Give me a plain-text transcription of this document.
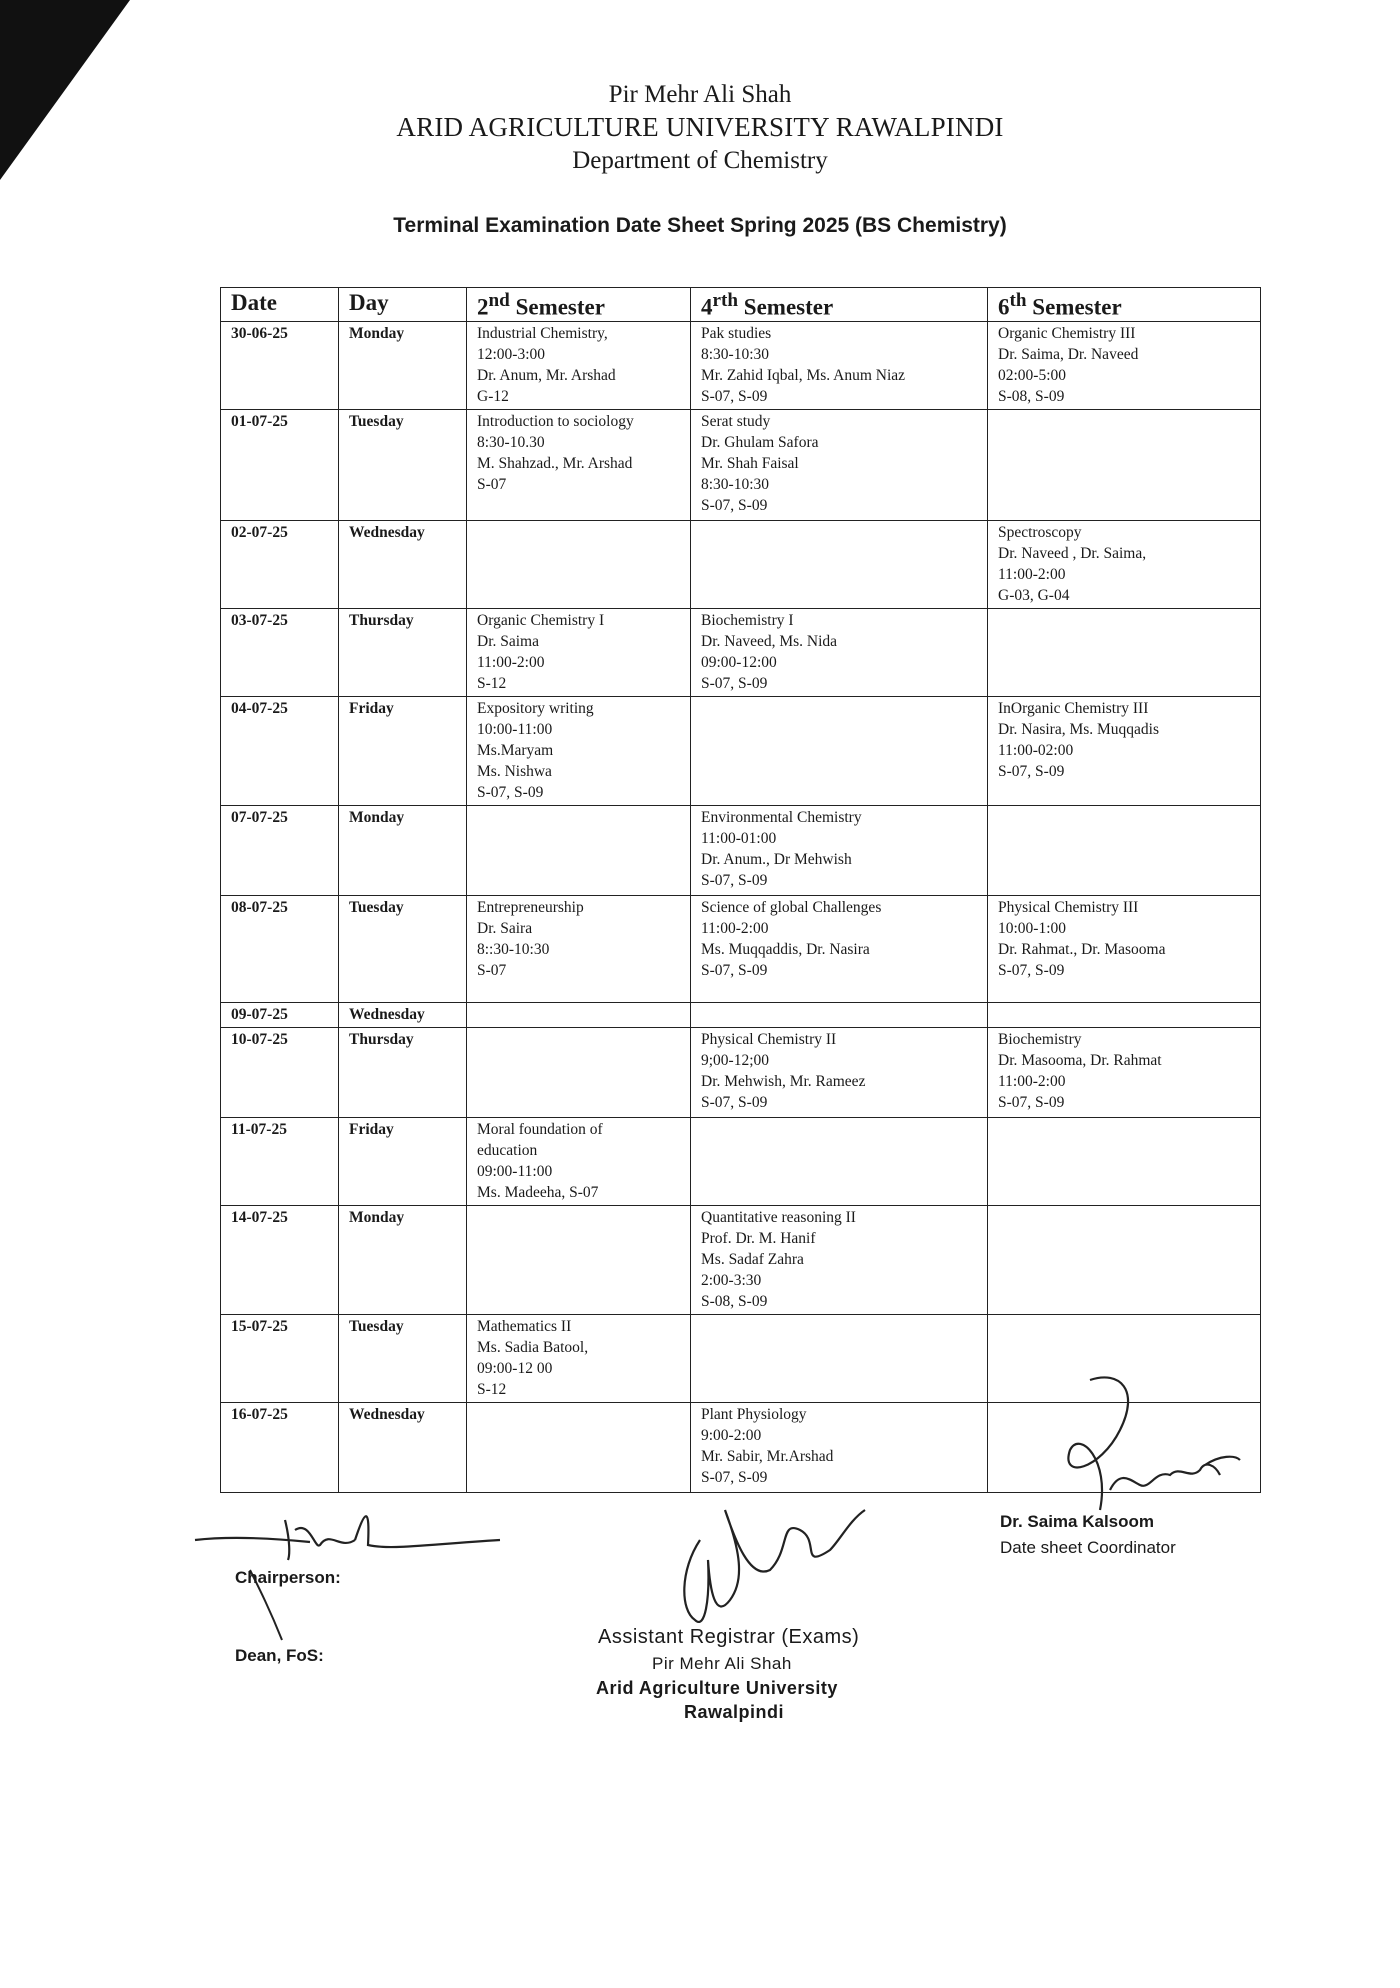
Pir Mehr Ali Shah
ARID AGRICULTURE UNIVERSITY RAWALPINDI
Department of Chemistry
Terminal Examination Date Sheet Spring 2025 (BS Chemistry)
Date	Day	2nd Semester	$4^{rth}$ Semester	6th Semester
30-06-25	Monday	Industrial Chemistry,
12:00-3:00
Dr. Anum, Mr. Arshad
G-12	Pak studies
8:30-10:30
Mr. Zahid Iqbal, Ms. Anum Niaz
S-07, S-09	Organic Chemistry III
Dr. Saima, Dr. Naveed
02:00-5:00
S-08, S-09

01-07-25	Tuesday	Introduction to sociology
8:30-10.30
M. Shahzad., Mr. Arshad
S-07	Serat study
Dr. Ghulam Safora
Mr. Shah Faisal
8:30-10:30
S-07, S-09	

02-07-25	Wednesday			Spectroscopy
Dr. Naveed , Dr. Saima,
11:00-2:00
G-03, G-04

03-07-25	Thursday	Organic Chemistry I
Dr. Saima
11:00-2:00
S-12	Biochemistry I
Dr. Naveed, Ms. Nida
09:00-12:00
S-07, S-09	

04-07-25	Friday	Expository writing
10:00-11:00
Ms.Maryam
Ms. Nishwa
S-07, S-09		InOrganic Chemistry III
Dr. Nasira, Ms. Muqqadis
11:00-02:00
S-07, S-09

07-07-25	Monday		Environmental Chemistry
11:00-01:00
Dr. Anum., Dr Mehwish
S-07, S-09	

08-07-25	Tuesday	Entrepreneurship
Dr. Saira
8::30-10:30
S-07	Science of global Challenges
11:00-2:00
Ms. Muqqaddis, Dr. Nasira
S-07, S-09	Physical Chemistry III
10:00-1:00
Dr. Rahmat., Dr. Masooma
S-07, S-09

09-07-25	Wednesday			
10-07-25	Thursday		Physical Chemistry II
9;00-12;00
Dr. Mehwish, Mr. Rameez
S-07, S-09	Biochemistry
Dr. Masooma, Dr. Rahmat
11:00-2:00
S-07, S-09

11-07-25	Friday	Moral foundation of
education
09:00-11:00
Ms. Madeeha, S-07		

14-07-25	Monday		Quantitative reasoning II
Prof. Dr. M. Hanif
Ms. Sadaf Zahra
2:00-3:30
S-08, S-09	

15-07-25	Tuesday	Mathematics II
Ms. Sadia Batool,
09:00-12 00
S-12		

16-07-25	Wednesday		Plant Physiology
9:00-2:00
Mr. Sabir, Mr.Arshad
S-07, S-09	

Chairperson:
Dean, FoS:
Assistant Registrar (Exams)
Pir Mehr Ali Shah
Arid Agriculture University
Rawalpindi
Dr. Saima Kalsoom
Date sheet Coordinator
